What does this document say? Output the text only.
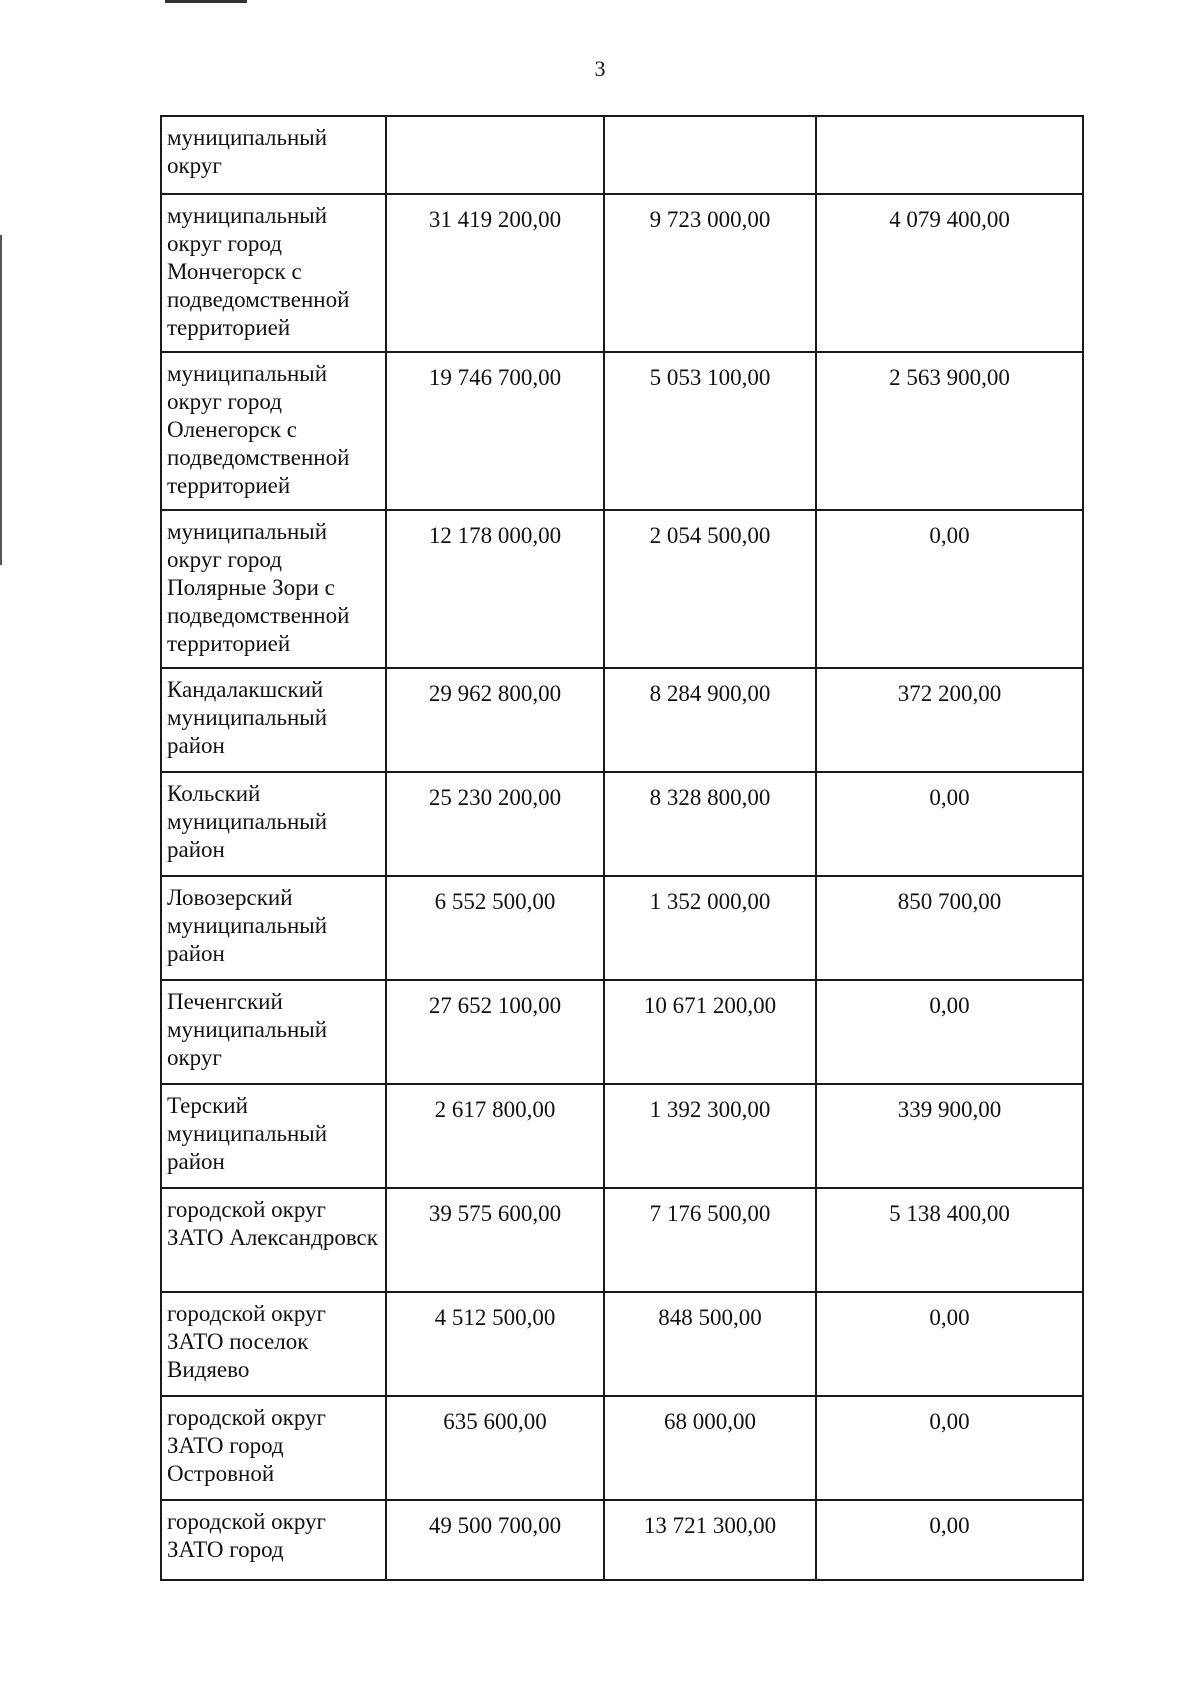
3
муниципальный округ			
муниципальный округ город Мончегорск с подведомственной территорией	31 419 200,00	9 723 000,00	4 079 400,00
муниципальный округ город Оленегорск с подведомственной территорией	19 746 700,00	5 053 100,00	2 563 900,00
муниципальный округ город Полярные Зори с подведомственной территорией	12 178 000,00	2 054 500,00	0,00
Кандалакшский муниципальный район	29 962 800,00	8 284 900,00	372 200,00
Кольский муниципальный район	25 230 200,00	8 328 800,00	0,00
Ловозерский муниципальный район	6 552 500,00	1 352 000,00	850 700,00
Печенгский муниципальный округ	27 652 100,00	10 671 200,00	0,00
Терский муниципальный район	2 617 800,00	1 392 300,00	339 900,00
городской округ ЗАТО Александровск	39 575 600,00	7 176 500,00	5 138 400,00
городской округ ЗАТО поселок Видяево	4 512 500,00	848 500,00	0,00
городской округ ЗАТО город Островной	635 600,00	68 000,00	0,00
городской округ ЗАТО город	49 500 700,00	13 721 300,00	0,00
